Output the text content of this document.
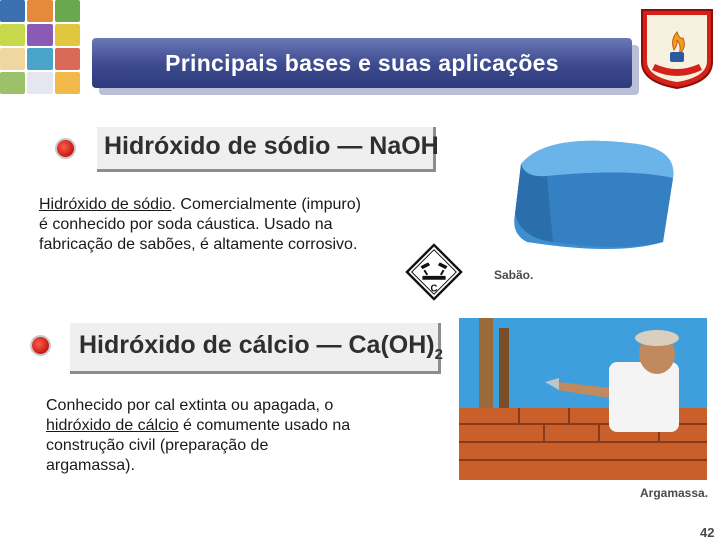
Principais bases e suas aplicações
Hidróxido de sódio — NaOH
Hidróxido de sódio. Comercialmente (impuro)
é conhecido por soda cáustica. Usado na
fabricação de sabões, é altamente corrosivo.
C
Sabão.
Hidróxido de cálcio — $Ca(OH)_2$
Conhecido por cal extinta ou apagada, o
hidróxido de cálcio é comumente usado na
construção civil (preparação de
argamassa).
Argamassa.
42
